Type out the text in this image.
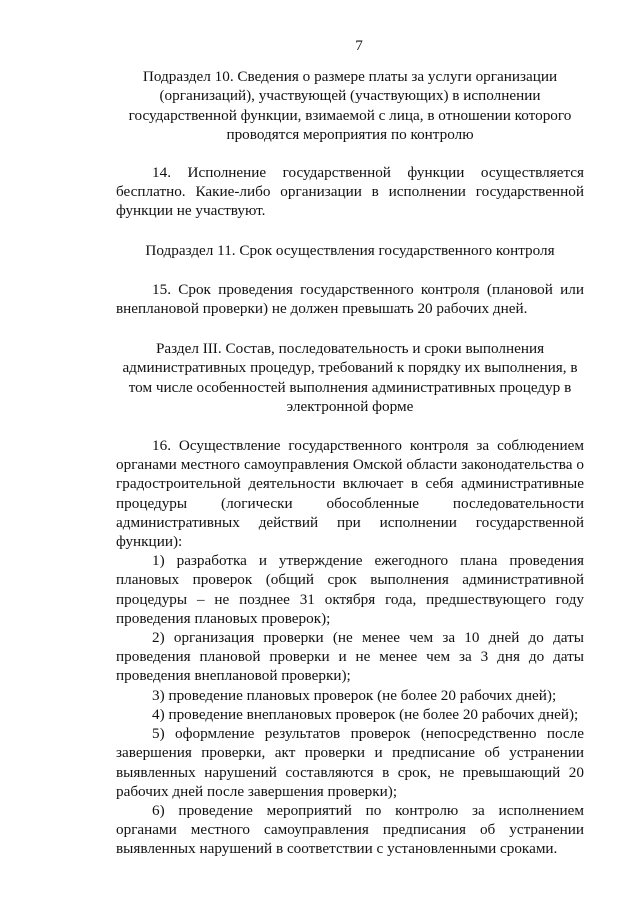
7
Подраздел 10. Сведения о размере платы за услуги организации (организаций), участвующей (участвующих) в исполнении государственной функции, взимаемой с лица, в отношении которого проводятся мероприятия по контролю

14. Исполнение государственной функции осуществляется бесплатно. Какие-либо организации в исполнении государственной функции не участвуют.

Подраздел 11. Срок осуществления государственного контроля

15. Срок проведения государственного контроля (плановой или внеплановой проверки) не должен превышать 20 рабочих дней.

Раздел III. Состав, последовательность и сроки выполнения административных процедур, требований к порядку их выполнения, в том числе особенностей выполнения административных процедур в электронной форме

16. Осуществление государственного контроля за соблюдением органами местного самоуправления Омской области законодательства о градостроительной деятельности включает в себя административные процедуры (логически обособленные последовательности административных действий при исполнении государственной функции):

1) разработка и утверждение ежегодного плана проведения плановых проверок (общий срок выполнения административной процедуры – не позднее 31 октября года, предшествующего году проведения плановых проверок);

2) организация проверки (не менее чем за 10 дней до даты проведения плановой проверки и не менее чем за 3 дня до даты проведения внеплановой проверки);

3) проведение плановых проверок (не более 20 рабочих дней);

4) проведение внеплановых проверок (не более 20 рабочих дней);

5) оформление результатов проверок (непосредственно после завершения проверки, акт проверки и предписание об устранении выявленных нарушений составляются в срок, не превышающий 20 рабочих дней после завершения проверки);

6) проведение мероприятий по контролю за исполнением органами местного самоуправления предписания об устранении выявленных нарушений в соответствии с установленными сроками.
